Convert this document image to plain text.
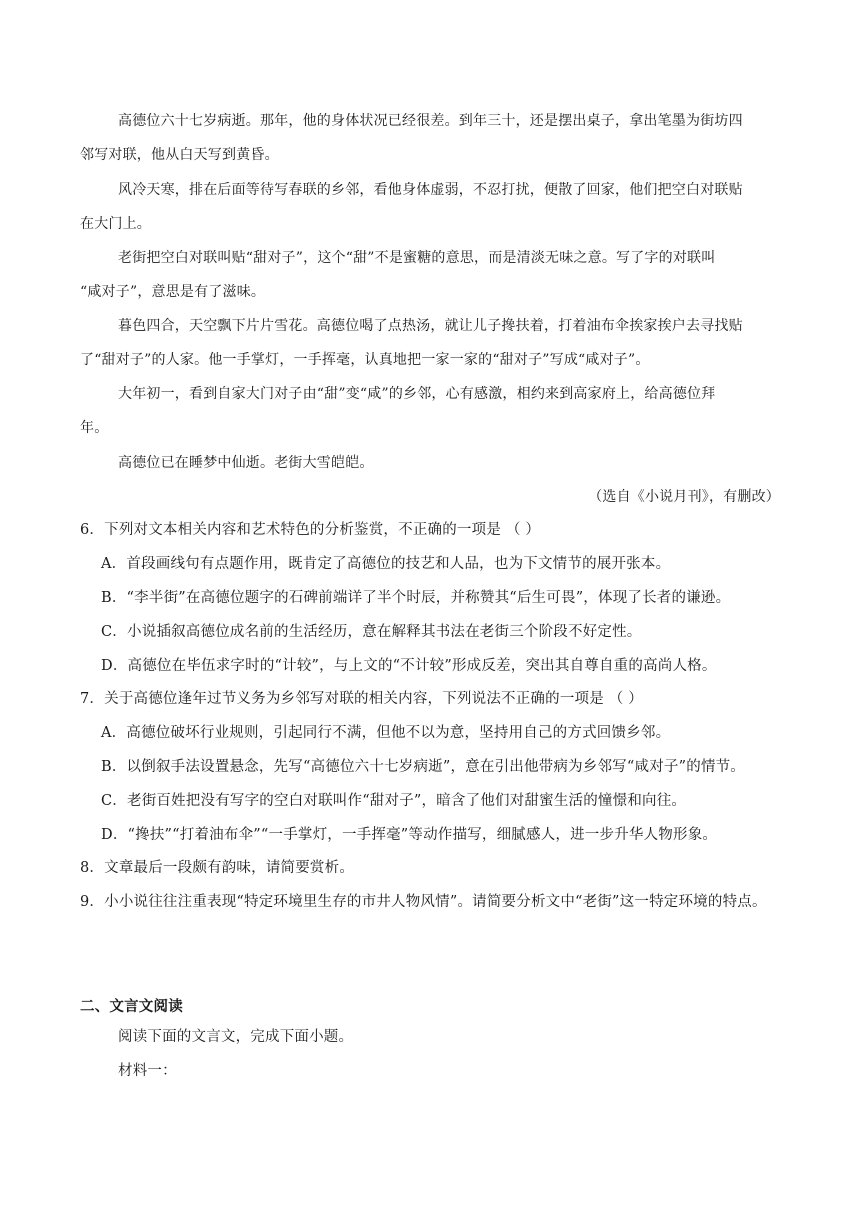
高德位六十七岁病逝。那年，他的身体状况已经很差。到年三十，还是摆出桌子，拿出笔墨为街坊四

邻写对联，他从白天写到黄昏。

风冷天寒，排在后面等待写春联的乡邻，看他身体虚弱，不忍打扰，便散了回家，他们把空白对联贴

在大门上。

老街把空白对联叫贴“甜对子”，这个“甜”不是蜜糖的意思，而是清淡无味之意。写了字的对联叫

“咸对子”，意思是有了滋味。

暮色四合，天空飘下片片雪花。高德位喝了点热汤，就让儿子搀扶着，打着油布伞挨家挨户去寻找贴

了“甜对子”的人家。他一手掌灯，一手挥毫，认真地把一家一家的“甜对子”写成“咸对子”。

大年初一，看到自家大门对子由“甜”变“咸”的乡邻，心有感激，相约来到高家府上，给高德位拜

年。

高德位已在睡梦中仙逝。老街大雪皑皑。

（选自《小说月刊》，有删改）

6．下列对文本相关内容和艺术特色的分析鉴赏，不正确的一项是 （ ）

A．首段画线句有点题作用，既肯定了高德位的技艺和人品，也为下文情节的展开张本。

B．“李半街”在高德位题字的石碑前端详了半个时辰，并称赞其“后生可畏”，体现了长者的谦逊。

C．小说插叙高德位成名前的生活经历，意在解释其书法在老街三个阶段不好定性。

D．高德位在毕伍求字时的“计较”，与上文的“不计较”形成反差，突出其自尊自重的高尚人格。

7．关于高德位逢年过节义务为乡邻写对联的相关内容，下列说法不正确的一项是 （ ）

A．高德位破坏行业规则，引起同行不满，但他不以为意，坚持用自己的方式回馈乡邻。

B．以倒叙手法设置悬念，先写“高德位六十七岁病逝”，意在引出他带病为乡邻写“咸对子”的情节。

C．老街百姓把没有写字的空白对联叫作“甜对子”，暗含了他们对甜蜜生活的憧憬和向往。

D．“搀扶”“打着油布伞”“一手掌灯，一手挥毫”等动作描写，细腻感人，进一步升华人物形象。

8．文章最后一段颇有韵味，请简要赏析。

9．小小说往往注重表现“特定环境里生存的市井人物风情”。请简要分析文中“老街”这一特定环境的特点。

二、文言文阅读

阅读下面的文言文，完成下面小题。

材料一：
